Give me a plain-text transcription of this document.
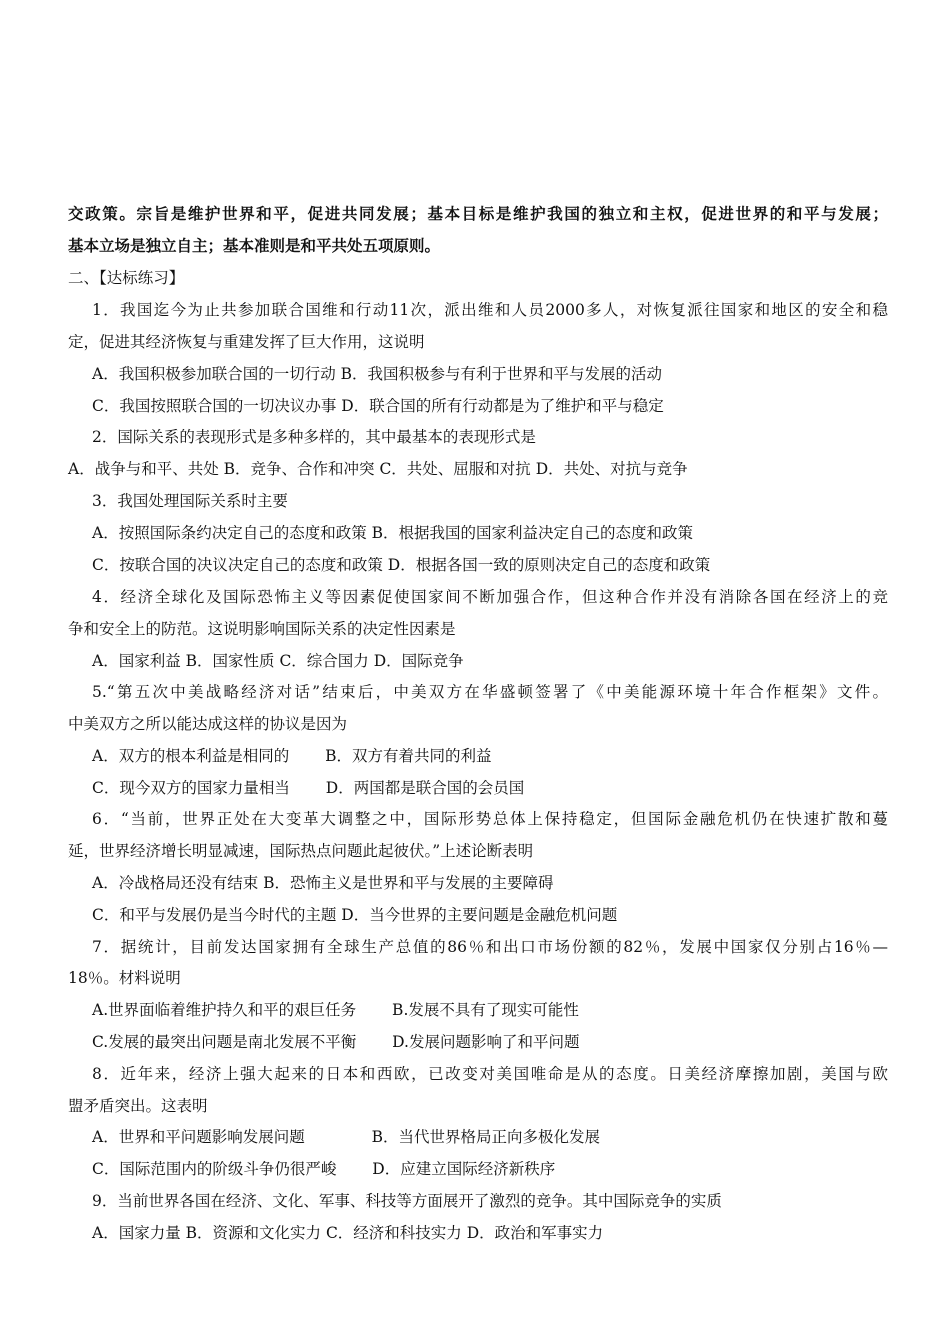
交政策。宗旨是维护世界和平，促进共同发展；基本目标是维护我国的独立和主权，促进世界的和平与发展；
基本立场是独立自主；基本准则是和平共处五项原则。
二、【达标练习】
1．我国迄今为止共参加联合国维和行动11次，派出维和人员2000多人，对恢复派往国家和地区的安全和稳
定，促进其经济恢复与重建发挥了巨大作用，这说明
A．我国积极参加联合国的一切行动 B．我国积极参与有利于世界和平与发展的活动
C．我国按照联合国的一切决议办事 D．联合国的所有行动都是为了维护和平与稳定
2．国际关系的表现形式是多种多样的，其中最基本的表现形式是
A．战争与和平、共处 B．竞争、合作和冲突 C．共处、屈服和对抗 D．共处、对抗与竞争
3．我国处理国际关系时主要
A．按照国际条约决定自己的态度和政策 B．根据我国的国家利益决定自己的态度和政策
C．按联合国的决议决定自己的态度和政策 D．根据各国一致的原则决定自己的态度和政策
4．经济全球化及国际恐怖主义等因素促使国家间不断加强合作，但这种合作并没有消除各国在经济上的竞
争和安全上的防范。这说明影响国际关系的决定性因素是
A．国家利益 B．国家性质 C．综合国力 D．国际竞争
5.“第五次中美战略经济对话”结束后，中美双方在华盛顿签署了《中美能源环境十年合作框架》文件。
中美双方之所以能达成这样的协议是因为
A．双方的根本利益是相同的　　 B．双方有着共同的利益
C．现今双方的国家力量相当　　 D．两国都是联合国的会员国
6．“当前，世界正处在大变革大调整之中，国际形势总体上保持稳定，但国际金融危机仍在快速扩散和蔓
延，世界经济增长明显减速，国际热点问题此起彼伏。”上述论断表明
A．冷战格局还没有结束 B．恐怖主义是世界和平与发展的主要障碍
C．和平与发展仍是当今时代的主题 D．当今世界的主要问题是金融危机问题
7．据统计，目前发达国家拥有全球生产总值的86％和出口市场份额的82％，发展中国家仅分别占16％—
18％。材料说明
A.世界面临着维护持久和平的艰巨任务　　 B.发展不具有了现实可能性
C.发展的最突出问题是南北发展不平衡　　 D.发展问题影响了和平问题
8．近年来，经济上强大起来的日本和西欧，已改变对美国唯命是从的态度。日美经济摩擦加剧，美国与欧
盟矛盾突出。这表明
A．世界和平问题影响发展问题　　　　 B．当代世界格局正向多极化发展
C．国际范围内的阶级斗争仍很严峻　　 D．应建立国际经济新秩序
9．当前世界各国在经济、文化、军事、科技等方面展开了激烈的竞争。其中国际竞争的实质
A．国家力量 B．资源和文化实力 C．经济和科技实力 D．政治和军事实力
